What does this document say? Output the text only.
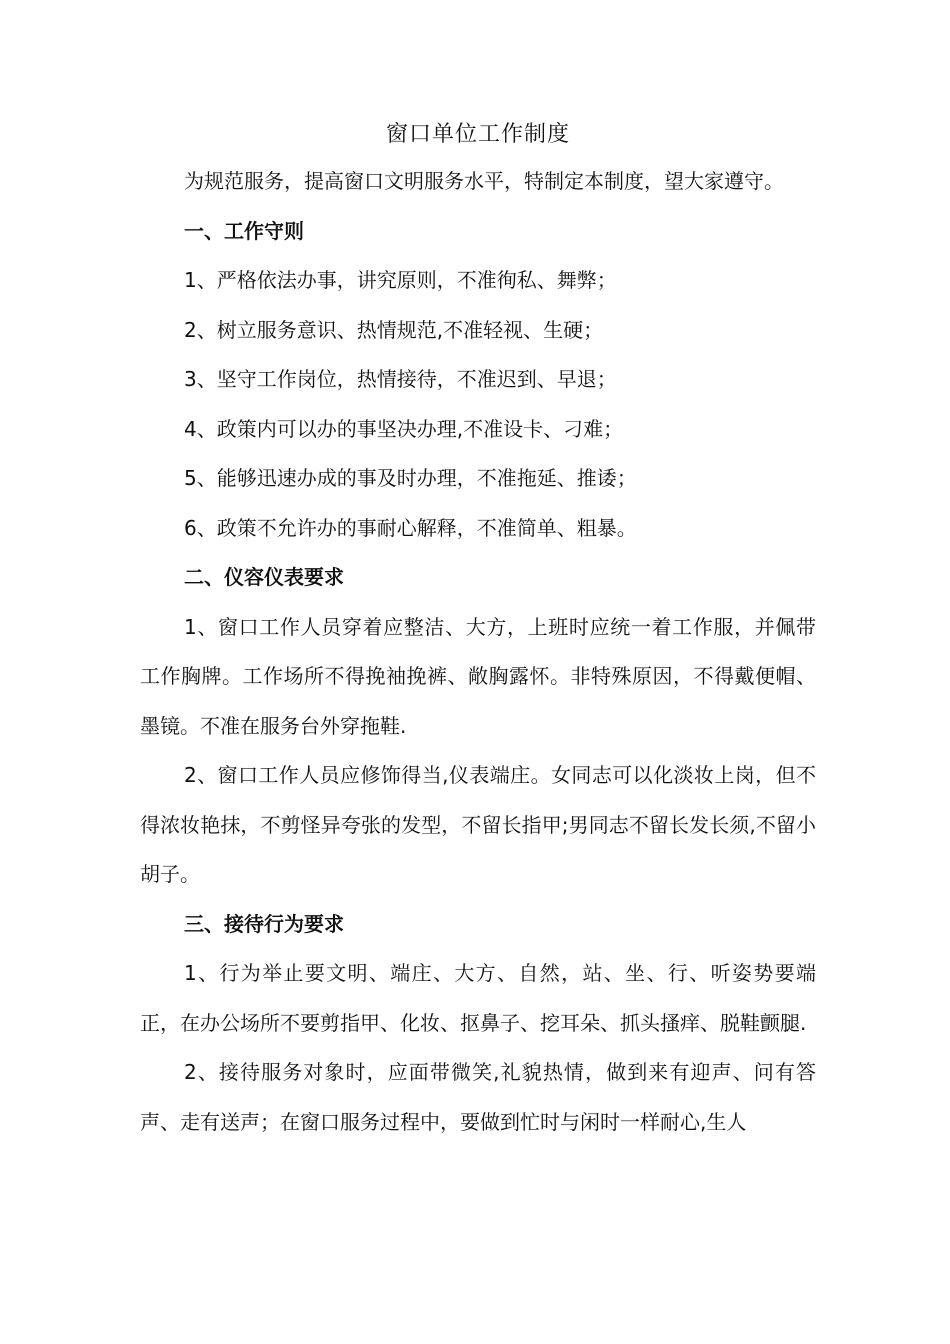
窗口单位工作制度

为规范服务，提高窗口文明服务水平，特制定本制度，望大家遵守。

一、工作守则

1、严格依法办事，讲究原则，不准徇私、舞弊；

2、树立服务意识、热情规范,不准轻视、生硬；

3、坚守工作岗位，热情接待，不准迟到、早退；

4、政策内可以办的事坚决办理,不准设卡、刁难；

5、能够迅速办成的事及时办理，不准拖延、推诿；

6、政策不允许办的事耐心解释，不准简单、粗暴。

二、仪容仪表要求

1、窗口工作人员穿着应整洁、大方，上班时应统一着工作服，并佩带工作胸牌。工作场所不得挽袖挽裤、敞胸露怀。非特殊原因，不得戴便帽、墨镜。不准在服务台外穿拖鞋.

2、窗口工作人员应修饰得当,仪表端庄。女同志可以化淡妆上岗，但不得浓妆艳抹，不剪怪异夸张的发型，不留长指甲;男同志不留长发长须,不留小胡子。

三、接待行为要求

1、行为举止要文明、端庄、大方、自然，站、坐、行、听姿势要端正，在办公场所不要剪指甲、化妆、抠鼻子、挖耳朵、抓头搔痒、脱鞋颤腿.

2、接待服务对象时，应面带微笑,礼貌热情，做到来有迎声、问有答声、走有送声；在窗口服务过程中，要做到忙时与闲时一样耐心,生人
